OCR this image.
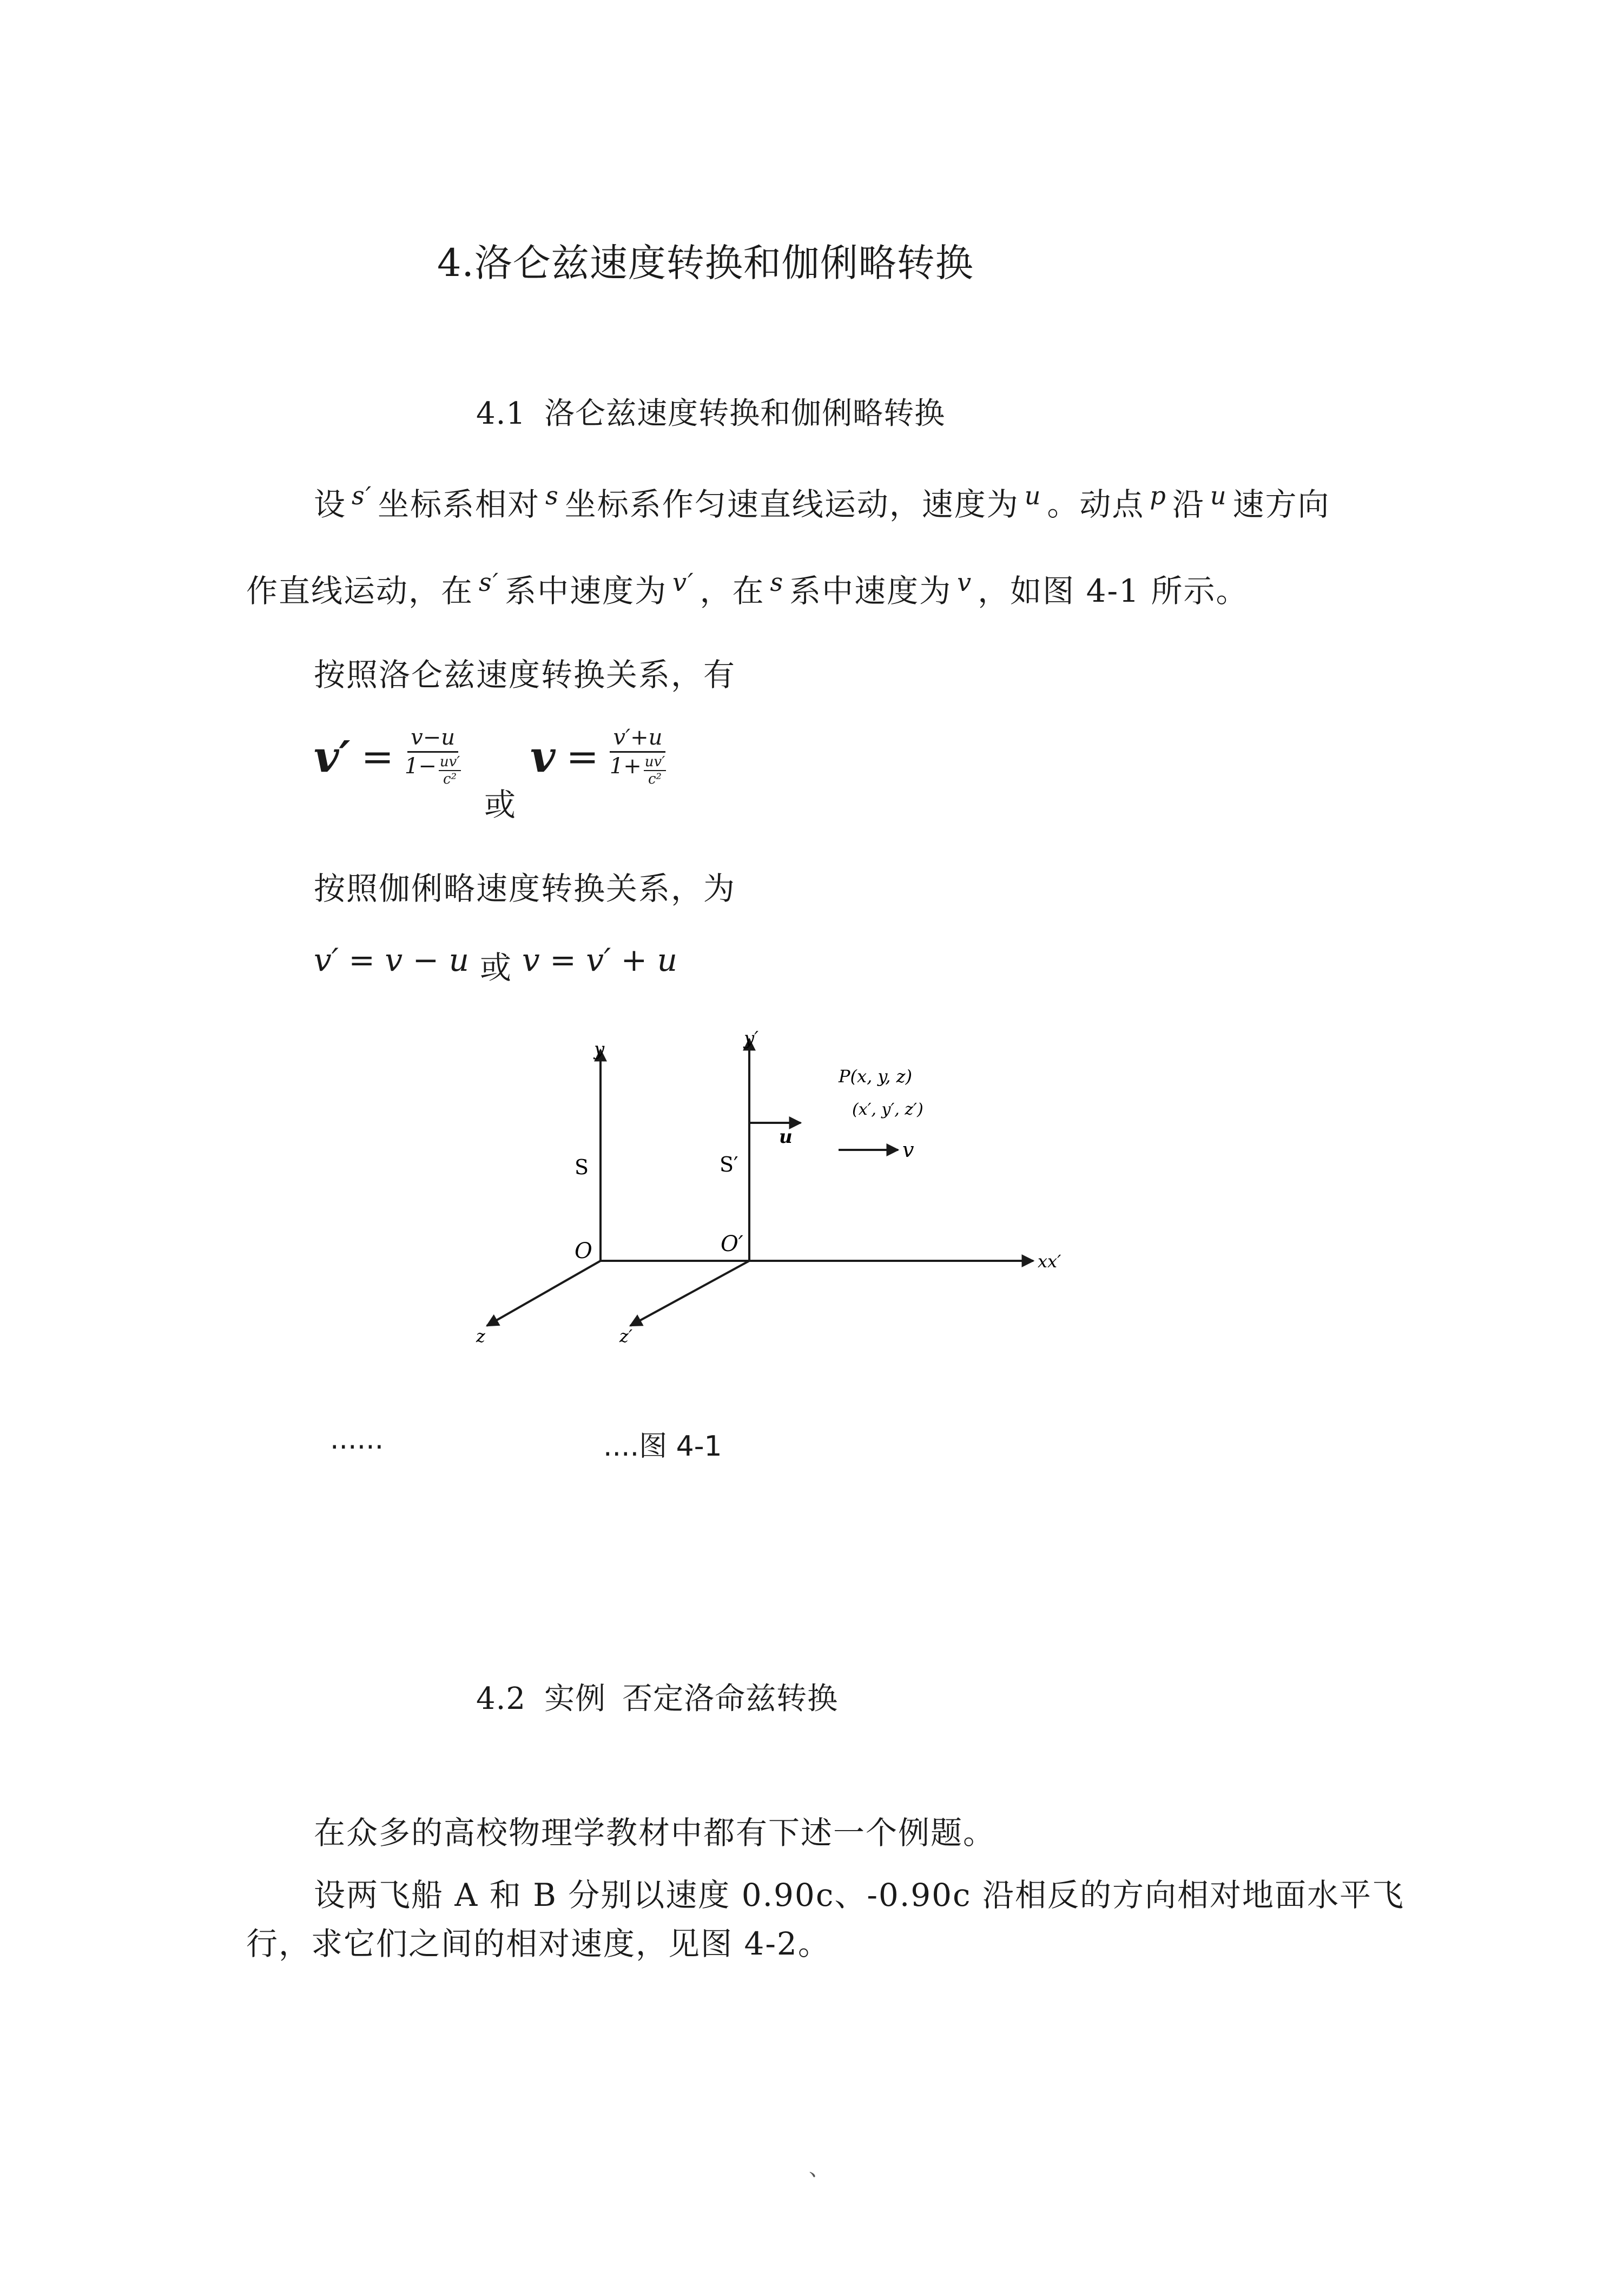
4.洛仑兹速度转换和伽俐略转换
4.1 洛仑兹速度转换和伽俐略转换
设 $^{s'}$ 坐标系相对 $^s$ 坐标系作匀速直线运动，速度为 $^u$ 。动点 $^p$ 沿 $^u$ 速方向
作直线运动，在 $^{s'}$ 系中速度为 $^{v'}$ ，在 $^s$ 系中速度为 $^v$ ，如图 4-1 所示。
按照洛仑兹速度转换关系，有
$v' = \frac{v-u}{1- \frac{uv'}{\text{c²}}}$
或
$v = \frac{v'+u}{1+ \frac{uv'}{\text{c²}}}$
按照伽俐略速度转换关系，为
v′ = v − u 或 v = v′ + u
y	y′
S	S′
O	O′
z	z′
xx′
u
P(x, y, z)
(x′, y′, z′)
v
......	....图 4-1
4.2 实例 否定洛命兹转换
在众多的高校物理学教材中都有下述一个例题。
设两飞船 A 和 B 分别以速度 0.90c、-0.90c 沿相反的方向相对地面水平飞
行，求它们之间的相对速度，见图 4-2。
、
